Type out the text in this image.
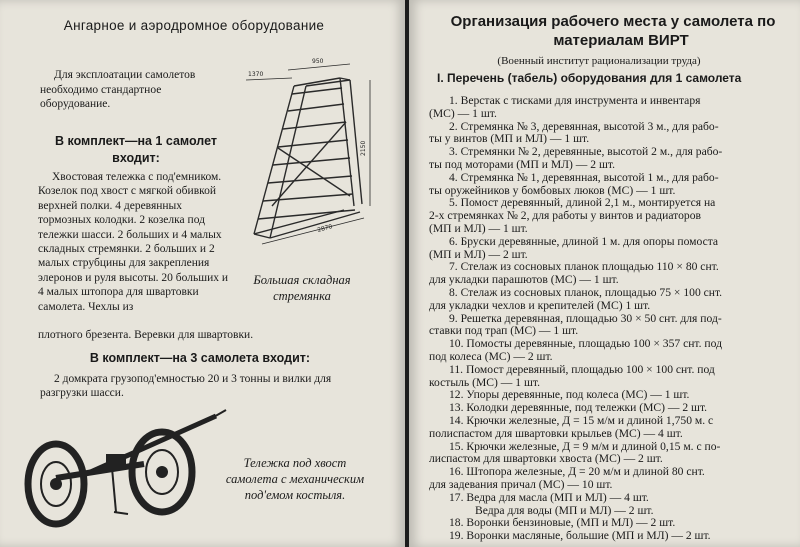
Ангарное и аэродромное оборудование
Для эксплоатации самолетов необходимо стандартное оборудование.
950
1370
2150
2870
В комплект—на 1 самолет входит:
Хвостовая тележка с под'емником. Козелок под хвост с мягкой обивкой верхней полки. 4 деревянных тормозных колодки. 2 козелка под тележки шасси. 2 больших и 4 малых складных стремянки. 2 больших и 2 малых струбцины для закрепления элеронов и руля высоты. 20 больших и 4 малых штопора для швартовки самолета. Чехлы из
Большая складная стремянка
плотного брезента. Веревки для швартовки.
В комплект—на 3 самолета входит:
2 домкрата грузопод'емностью 20 и 3 тонны и вилки для разгрузки шасси.
Тележка под хвост самолета с механическим под'емом костыля.
Организация рабочего места у самолета по
материалам ВИРТ
(Военный институт рационализации труда)
I. Перечень (табель) оборудования для 1 самолета
1. Верстак с тисками для инструмента и инвентаря
(МС) — 1 шт.
2. Стремянка № 3, деревянная, высотой 3 м., для рабо-
ты у винтов (МП и МЛ) — 1 шт.
3. Стремянки № 2, деревянные, высотой 2 м., для рабо-
ты под моторами (МП и МЛ) — 2 шт.
4. Стремянка № 1, деревянная, высотой 1 м., для рабо-
ты оружейников у бомбовых люков (МС) — 1 шт.
5. Помост деревянный, длиной 2,1 м., монтируется на
2-х стремянках № 2, для работы у винтов и радиаторов
(МП и МЛ) — 1 шт.
6. Бруски деревянные, длиной 1 м. для опоры помоста
(МП и МЛ) — 2 шт.
7. Стелаж из сосновых планок площадью 110 × 80 снт.
для укладки парашютов (МС) — 1 шт.
8. Стелаж из сосновых планок, площадью 75 × 100 снт.
для укладки чехлов и крепителей (МС) 1 шт.
9. Решетка деревянная, площадью 30 × 50 снт. для под-
ставки под трап (МС) — 1 шт.
10. Помосты деревянные, площадью 100 × 357 снт. под
под колеса (МС) — 2 шт.
11. Помост деревянный, площадью 100 × 100 снт. под
костыль (МС) — 1 шт.
12. Упоры деревянные, под колеса (МС) — 1 шт.
13. Колодки деревянные, под тележки (МС) — 2 шт.
14. Крючки железные, Д = 15 м/м и длиной 1,750 м. с
полиспастом для швартовки крыльев (МС) — 4 шт.
15. Крючки железные, Д = 9 м/м и длиной 0,15 м. с по-
лиспастом для швартовки хвоста (МС) — 2 шт.
16. Штопора железные, Д = 20 м/м и длиной 80 снт.
для задевания причал (МС) — 10 шт.
17. Ведра для масла (МП и МЛ) — 4 шт.
Ведра для воды (МП и МЛ) — 2 шт.
18. Воронки бензиновые, (МП и МЛ) — 2 шт.
19. Воронки масляные, большие (МП и МЛ) — 2 шт.
